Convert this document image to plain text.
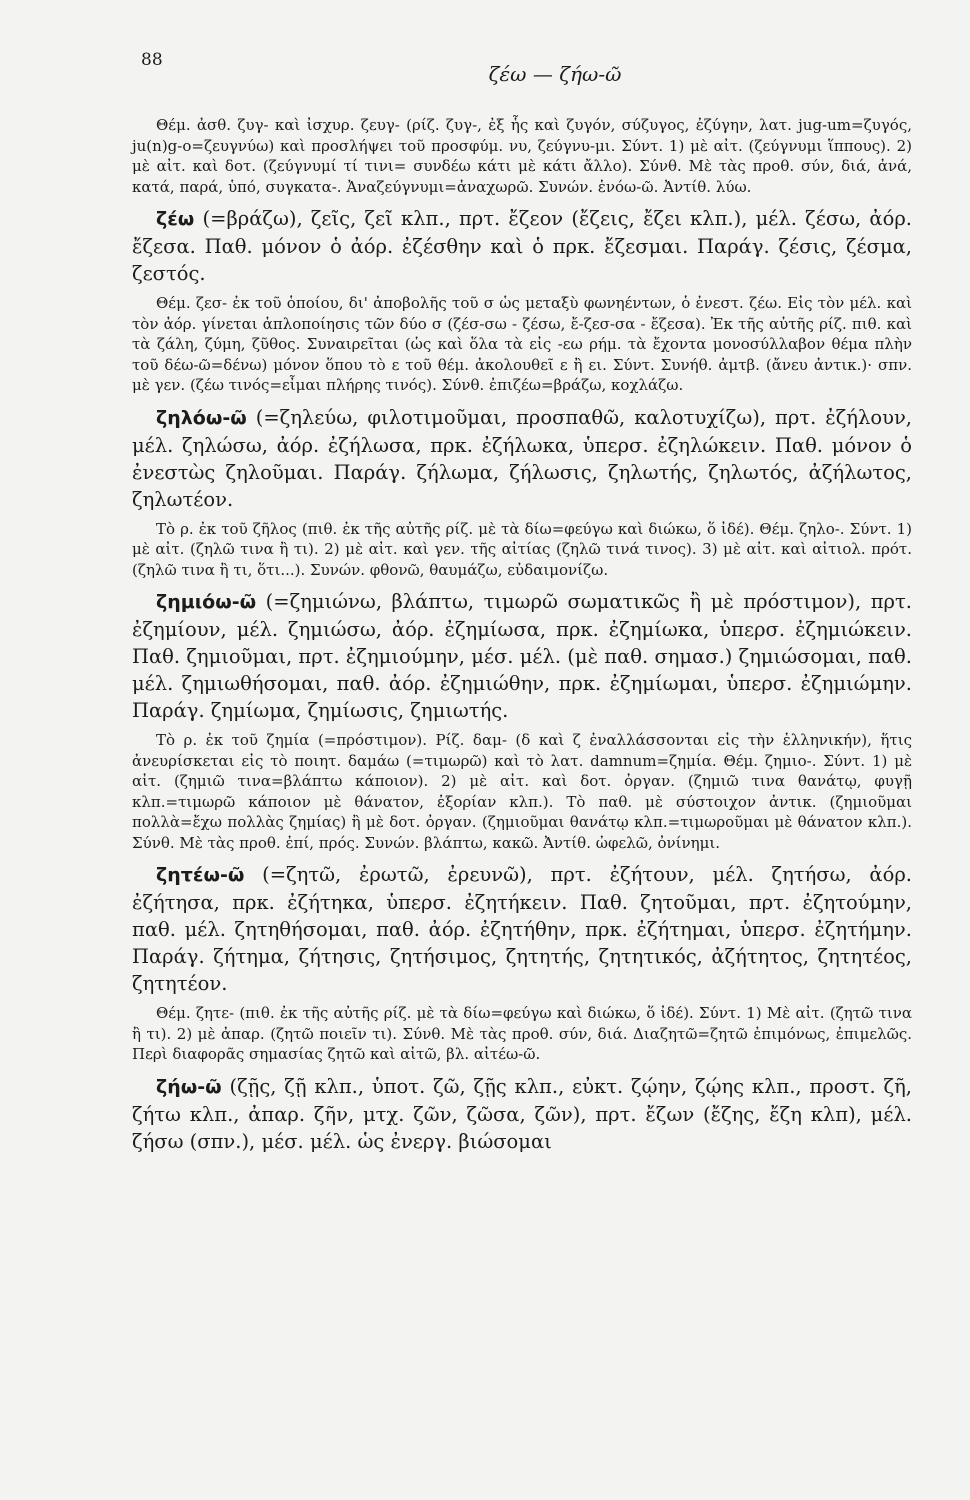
88
ζέω — ζήω-ῶ

Θέμ. ἀσθ. ζυγ- καὶ ἰσχυρ. ζευγ- (ρίζ. ζυγ-, ἐξ ἧς καὶ ζυγόν, σύζυγος, ἐζύγην, λατ. jug-um=ζυγός, ju(n)g-o=ζευγνύω) καὶ προσλήψει τοῦ προσφύμ. νυ, ζεύγνυ-μι. Σύντ. 1) μὲ αἰτ. (ζεύγνυμι ἵππους). 2) μὲ αἰτ. καὶ δοτ. (ζεύγνυμί τί τινι= συνδέω κάτι μὲ κάτι ἄλλο). Σύνθ. Μὲ τὰς προθ. σύν, διά, ἀνά, κατά, παρά, ὑπό, συγκατα-. Ἀναζεύγνυμι=ἀναχωρῶ. Συνών. ἑνόω-ῶ. Ἀντίθ. λύω.

ζέω (=βράζω), ζεῖς, ζεῖ κλπ., πρτ. ἔζεον (ἔζεις, ἔζει κλπ.), μέλ. ζέσω, ἀόρ. ἔζεσα. Παθ. μόνον ὁ ἀόρ. ἐζέσθην καὶ ὁ πρκ. ἔζεσμαι. Παράγ. ζέσις, ζέσμα, ζεστός.

Θέμ. ζεσ- ἐκ τοῦ ὁποίου, δι' ἀποβολῆς τοῦ σ ὡς μεταξὺ φωνηέντων, ὁ ἐνεστ. ζέω. Εἰς τὸν μέλ. καὶ τὸν ἀόρ. γίνεται ἁπλοποίησις τῶν δύο σ (ζέσ-σω - ζέσω, ἔ-ζεσ-σα - ἔζεσα). Ἐκ τῆς αὐτῆς ρίζ. πιθ. καὶ τὰ ζάλη, ζύμη, ζῦθος. Συναιρεῖται (ὡς καὶ ὅλα τὰ εἰς -εω ρήμ. τὰ ἔχοντα μονοσύλλαβον θέμα πλὴν τοῦ δέω-ῶ=δένω) μόνον ὅπου τὸ ε τοῦ θέμ. ἀκολουθεῖ ε ἢ ει. Σύντ. Συνήθ. ἀμτβ. (ἄνευ ἀντικ.)· σπν. μὲ γεν. (ζέω τινός=εἶμαι πλήρης τινός). Σύνθ. ἐπιζέω=βράζω, κοχλάζω.

ζηλόω-ῶ (=ζηλεύω, φιλοτιμοῦμαι, προσπαθῶ, καλοτυχίζω), πρτ. ἐζήλουν, μέλ. ζηλώσω, ἀόρ. ἐζήλωσα, πρκ. ἐζήλωκα, ὑπερσ. ἐζηλώκειν. Παθ. μόνον ὁ ἐνεστὼς ζηλοῦμαι. Παράγ. ζήλωμα, ζήλωσις, ζηλωτής, ζηλωτός, ἀζήλωτος, ζηλωτέον.

Τὸ ρ. ἐκ τοῦ ζῆλος (πιθ. ἐκ τῆς αὐτῆς ρίζ. μὲ τὰ δίω=φεύγω καὶ διώκω, ὅ ἰδέ). Θέμ. ζηλο-. Σύντ. 1) μὲ αἰτ. (ζηλῶ τινα ἢ τι). 2) μὲ αἰτ. καὶ γεν. τῆς αἰτίας (ζηλῶ τινά τινος). 3) μὲ αἰτ. καὶ αἰτιολ. πρότ. (ζηλῶ τινα ἢ τι, ὅτι...). Συνών. φθονῶ, θαυμάζω, εὐδαιμονίζω.

ζημιόω-ῶ (=ζημιώνω, βλάπτω, τιμωρῶ σωματικῶς ἢ μὲ πρόστιμον), πρτ. ἐζημίουν, μέλ. ζημιώσω, ἀόρ. ἐζημίωσα, πρκ. ἐζημίωκα, ὑπερσ. ἐζημιώκειν. Παθ. ζημιοῦμαι, πρτ. ἐζημιούμην, μέσ. μέλ. (μὲ παθ. σημασ.) ζημιώσομαι, παθ. μέλ. ζημιωθήσομαι, παθ. ἀόρ. ἐζημιώθην, πρκ. ἐζημίωμαι, ὑπερσ. ἐζημιώμην. Παράγ. ζημίωμα, ζημίωσις, ζημιωτής.

Τὸ ρ. ἐκ τοῦ ζημία (=πρόστιμον). Ρίζ. δαμ- (δ καὶ ζ ἐναλλάσσονται εἰς τὴν ἑλληνικήν), ἥτις ἀνευρίσκεται εἰς τὸ ποιητ. δαμάω (=τιμωρῶ) καὶ τὸ λατ. damnum=ζημία. Θέμ. ζημιο-. Σύντ. 1) μὲ αἰτ. (ζημιῶ τινα=βλάπτω κάποιον). 2) μὲ αἰτ. καὶ δοτ. ὀργαν. (ζημιῶ τινα θανάτῳ, φυγῇ κλπ.=τιμωρῶ κάποιον μὲ θάνατον, ἐξορίαν κλπ.). Τὸ παθ. μὲ σύστοιχον ἀντικ. (ζημιοῦμαι πολλὰ=ἔχω πολλὰς ζημίας) ἢ μὲ δοτ. ὀργαν. (ζημιοῦμαι θανάτῳ κλπ.=τιμωροῦμαι μὲ θάνατον κλπ.). Σύνθ. Μὲ τὰς προθ. ἐπί, πρός. Συνών. βλάπτω, κακῶ. Ἀντίθ. ὠφελῶ, ὀνίνημι.

ζητέω-ῶ (=ζητῶ, ἐρωτῶ, ἐρευνῶ), πρτ. ἐζήτουν, μέλ. ζητήσω, ἀόρ. ἐζήτησα, πρκ. ἐζήτηκα, ὑπερσ. ἐζητήκειν. Παθ. ζητοῦμαι, πρτ. ἐζητούμην, παθ. μέλ. ζητηθήσομαι, παθ. ἀόρ. ἐζητήθην, πρκ. ἐζήτημαι, ὑπερσ. ἐζητήμην. Παράγ. ζήτημα, ζήτησις, ζητήσιμος, ζητητής, ζητητικός, ἀζήτητος, ζητητέος, ζητητέον.

Θέμ. ζητε- (πιθ. ἐκ τῆς αὐτῆς ρίζ. μὲ τὰ δίω=φεύγω καὶ διώκω, ὅ ἰδέ). Σύντ. 1) Μὲ αἰτ. (ζητῶ τινα ἢ τι). 2) μὲ ἀπαρ. (ζητῶ ποιεῖν τι). Σύνθ. Μὲ τὰς προθ. σύν, διά. Διαζητῶ=ζητῶ ἐπιμόνως, ἐπιμελῶς. Περὶ διαφορᾶς σημασίας ζητῶ καὶ αἰτῶ, βλ. αἰτέω-ῶ.

ζήω-ῶ (ζῇς, ζῇ κλπ., ὑποτ. ζῶ, ζῇς κλπ., εὐκτ. ζῴην, ζῴης κλπ., προστ. ζῆ, ζήτω κλπ., ἀπαρ. ζῆν, μτχ. ζῶν, ζῶσα, ζῶν), πρτ. ἔζων (ἔζης, ἔζη κλπ), μέλ. ζήσω (σπν.), μέσ. μέλ. ὡς ἐνεργ. βιώσομαι
